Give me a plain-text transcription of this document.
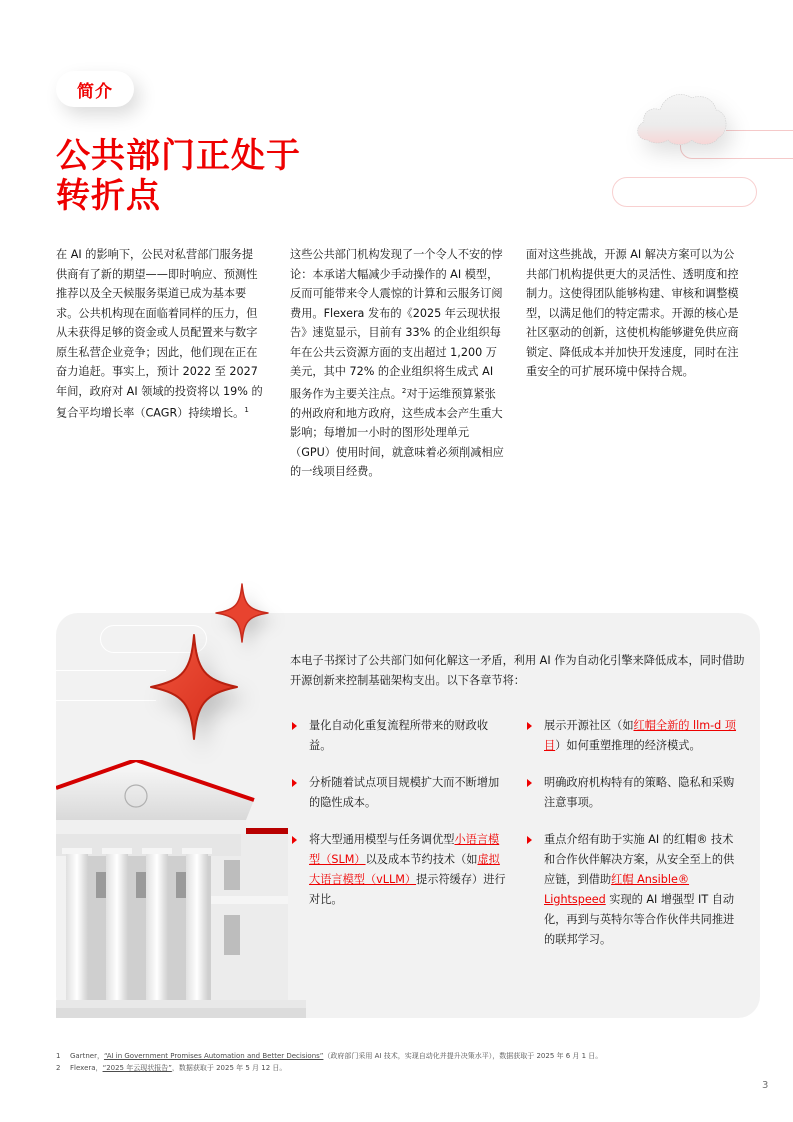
简介
公共部门正处于
转折点
在 AI 的影响下，公民对私营部门服务提供商有了新的期望——即时响应、预测性推荐以及全天候服务渠道已成为基本要求。公共机构现在面临着同样的压力，但从未获得足够的资金或人员配置来与数字原生私营企业竞争；因此，他们现在正在奋力追赶。事实上，预计 2022 至 2027 年间，政府对 AI 领域的投资将以 19% 的复合平均增长率（CAGR）持续增长。$^1$
这些公共部门机构发现了一个令人不安的悖论：本承诺大幅减少手动操作的 AI 模型，反而可能带来令人震惊的计算和云服务订阅费用。Flexera 发布的《2025 年云现状报告》速览显示，目前有 33% 的企业组织每年在公共云资源方面的支出超过 1,200 万美元，其中 72% 的企业组织将生成式 AI 服务作为主要关注点。$^2$对于运维预算紧张的州政府和地方政府，这些成本会产生重大影响；每增加一小时的图形处理单元（GPU）使用时间，就意味着必须削减相应的一线项目经费。
面对这些挑战，开源 AI 解决方案可以为公共部门机构提供更大的灵活性、透明度和控制力。这使得团队能够构建、审核和调整模型，以满足他们的特定需求。开源的核心是社区驱动的创新，这使机构能够避免供应商锁定、降低成本并加快开发速度，同时在注重安全的可扩展环境中保持合规。

本电子书探讨了公共部门如何化解这一矛盾，利用 AI 作为自动化引擎来降低成本，同时借助开源创新来控制基础架构支出。以下各章节将：

量化自动化重复流程所带来的财政收益。
分析随着试点项目规模扩大而不断增加的隐性成本。
将大型通用模型与任务调优型小语言模型（SLM）以及成本节约技术（如虚拟大语言模型（vLLM）提示符缓存）进行对比。
展示开源社区（如红帽全新的 llm-d 项目）如何重塑推理的经济模式。
明确政府机构特有的策略、隐私和采购注意事项。
重点介绍有助于实施 AI 的红帽® 技术和合作伙伴解决方案，从安全至上的供应链，到借助红帽 Ansible® Lightspeed 实现的 AI 增强型 IT 自动化，再到与英特尔等合作伙伴共同推进的联邦学习。
1 Gartner，“AI in Government Promises Automation and Better Decisions”（政府部门采用 AI 技术，实现自动化并提升决策水平），数据获取于 2025 年 6 月 1 日。
2 Flexera，“2025 年云现状报告”，数据获取于 2025 年 5 月 12 日。
3
